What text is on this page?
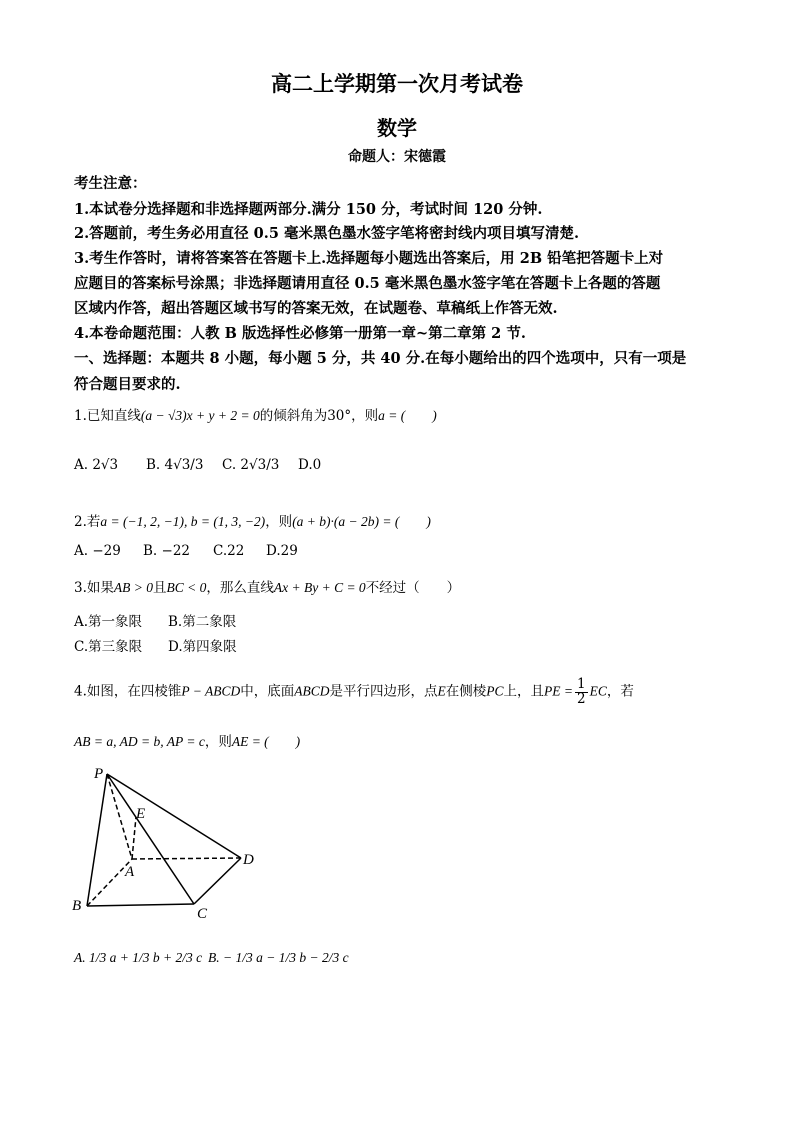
高二上学期第一次月考试卷
数学
命题人：宋德霞
考生注意：
1.本试卷分选择题和非选择题两部分.满分 150 分，考试时间 120 分钟.
2.答题前，考生务必用直径 0.5 毫米黑色墨水签字笔将密封线内项目填写清楚.
3.考生作答时，请将答案答在答题卡上.选择题每小题选出答案后，用 2B 铅笔把答题卡上对
应题目的答案标号涂黑；非选择题请用直径 0.5 毫米黑色墨水签字笔在答题卡上各题的答题
区域内作答，超出答题区域书写的答案无效，在试题卷、草稿纸上作答无效.
4.本卷命题范围：人教 B 版选择性必修第一册第一章~第二章第 2 节.
一、选择题：本题共 8 小题，每小题 5 分，共 40 分.在每小题给出的四个选项中，只有一项是
符合题目要求的.
1.已知直线(a − √3)x + y + 2 = 0的倾斜角为30°，则a = (　　)
A. 2√3 B. 4√3/3 C. 2√3/3 D.0
2.若a = (−1, 2, −1), b = (1, 3, −2)，则(a + b)·(a − 2b) = (　　)
A. −29 B. −22 C.22 D.29
3.如果AB > 0且BC < 0，那么直线Ax + By + C = 0不经过（　　）
A.第一象限 B.第二象限
C.第三象限 D.第四象限
4.如图，在四棱锥P − ABCD中，底面ABCD是平行四边形，点E在侧棱PC上，且PE = $\frac{1}{2}$ EC，若
AB = a, AD = b, AP = c，则AE = (　　)
P
E
A
D
B	C
A. 1/3 a + 1/3 b + 2/3 c B. − 1/3 a − 1/3 b − 2/3 c
